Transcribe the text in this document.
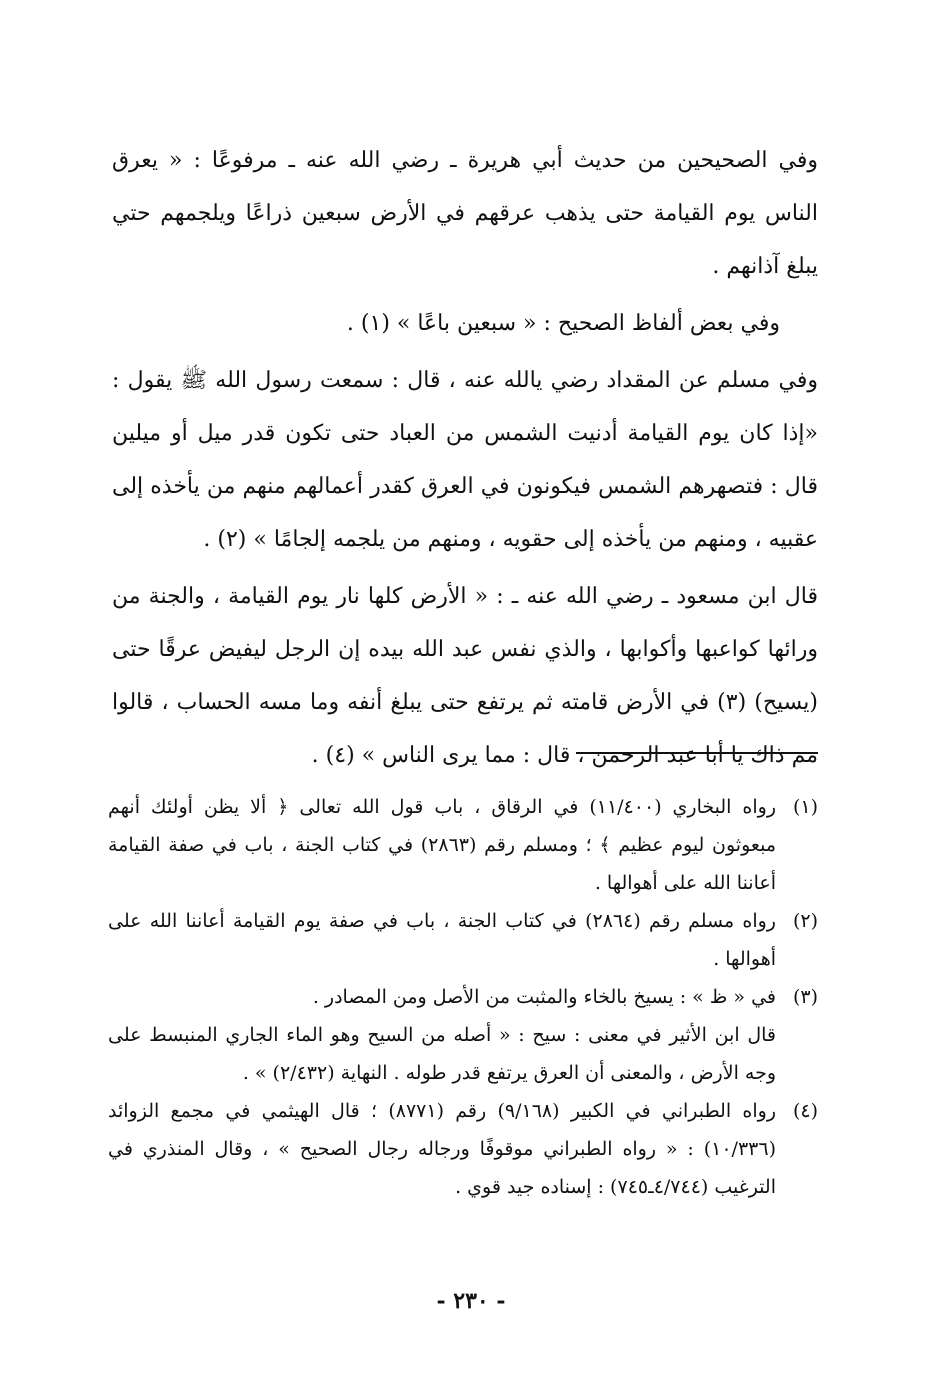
وفي الصحيحين من حديث أبي هريرة ـ رضي الله عنه ـ مرفوعًا : « يعرق الناس يوم القيامة حتى يذهب عرقهم في الأرض سبعين ذراعًا ويلجمهم حتي يبلغ آذانهم .

وفي بعض ألفاظ الصحيح : « سبعين باعًا » (١) .

وفي مسلم عن المقداد رضي يالله عنه ، قال : سمعت رسول الله ﷺ يقول : «إذا كان يوم القيامة أدنيت الشمس من العباد حتى تكون قدر ميل أو ميلين قال : فتصهرهم الشمس فيكونون في العرق كقدر أعمالهم منهم من يأخذه إلى عقبيه ، ومنهم من يأخذه إلى حقويه ، ومنهم من يلجمه إلجامًا » (٢) .

قال ابن مسعود ـ رضي الله عنه ـ : « الأرض كلها نار يوم القيامة ، والجنة من ورائها كواعبها وأكوابها ، والذي نفس عبد الله بيده إن الرجل ليفيض عرقًا حتى (يسيح) (٣) في الأرض قامته ثم يرتفع حتى يبلغ أنفه وما مسه الحساب ، قالوا مم ذاك يا أبا عبد الرحمن ، قال : مما يرى الناس » (٤) .

(١)
رواه البخاري (١١/٤٠٠) في الرقاق ، باب قول الله تعالى ﴿ ألا يظن أولئك أنهم مبعوثون ليوم عظيم ﴾ ؛ ومسلم رقم (٢٨٦٣) في كتاب الجنة ، باب في صفة القيامة أعاننا الله على أهوالها .
(٢)
رواه مسلم رقم (٢٨٦٤) في كتاب الجنة ، باب في صفة يوم القيامة أعاننا الله على أهوالها .
(٣)
في « ظ » : يسيخ بالخاء والمثبت من الأصل ومن المصادر .
قال ابن الأثير في معنى : سيح : « أصله من السيح وهو الماء الجاري المنبسط على وجه الأرض ، والمعنى أن العرق يرتفع قدر طوله . النهاية (٢/٤٣٢) » .
(٤)
رواه الطبراني في الكبير (٩/١٦٨) رقم (٨٧٧١) ؛ قال الهيثمي في مجمع الزوائد (١٠/٣٣٦) : « رواه الطبراني موقوفًا ورجاله رجال الصحيح » ، وقال المنذري في الترغيب (٤/٧٤٤ـ٧٤٥) : إسناده جيد قوي .
- ٢٣٠ -
